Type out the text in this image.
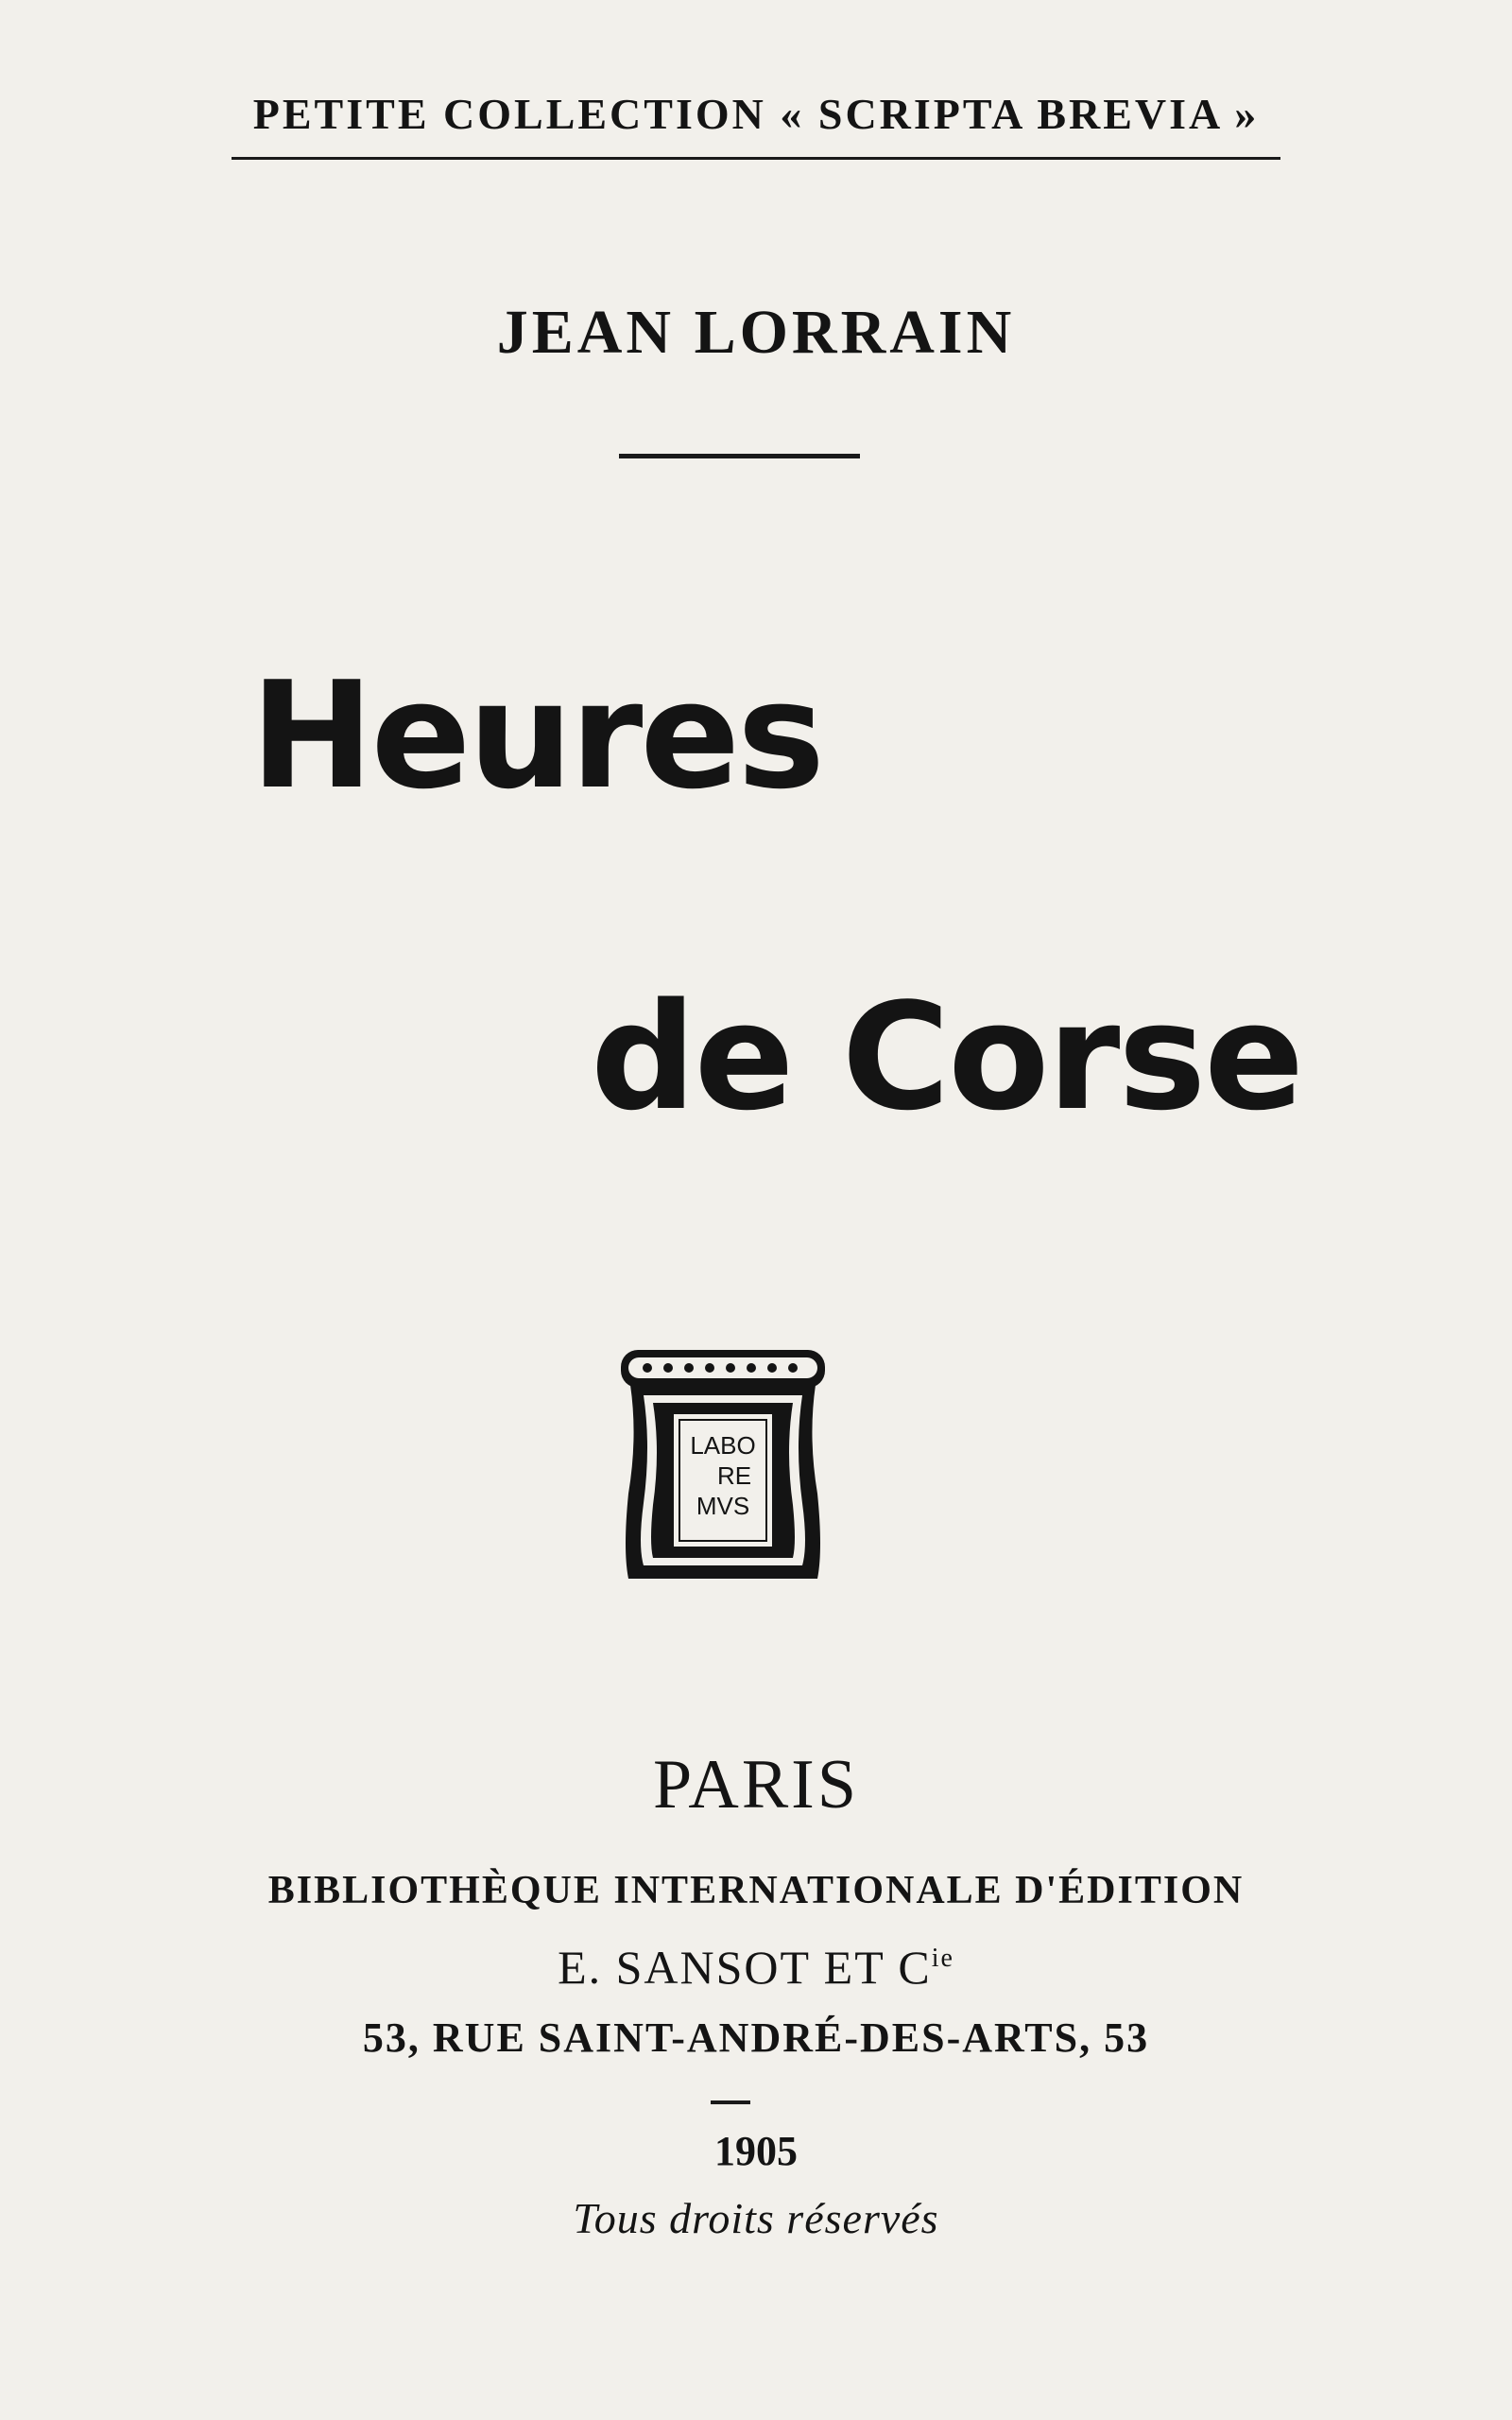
PETITE COLLECTION « SCRIPTA BREVIA »
JEAN LORRAIN
Heures
de Corse
LABO
RE
MVS
PARIS
BIBLIOTHÈQUE INTERNATIONALE D'ÉDITION
E. SANSOT ET $C^{ie}$
53, RUE SAINT-ANDRÉ-DES-ARTS, 53
1905
Tous droits réservés
